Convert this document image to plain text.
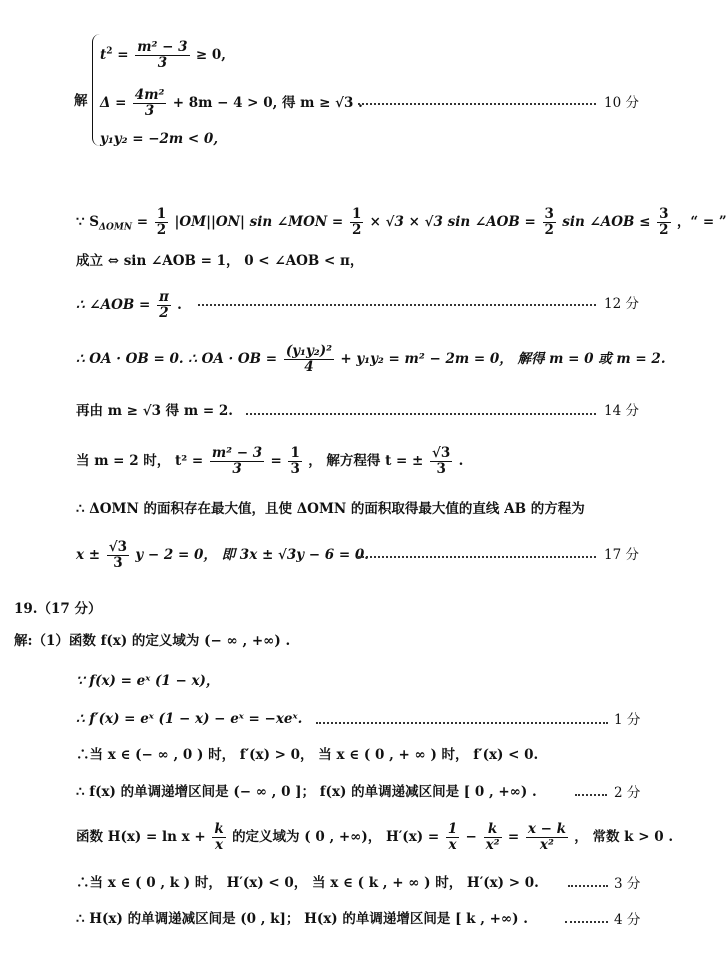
$t^2 = \frac{\text{m² − 3}}{3} \ge 0$,
解 $\Delta = \frac{\text{4m²}}{3} + 8m - 4 > 0$, 得 m ≥ √3 .	10 分
y₁y₂ = −2m < 0,
∵ $S_{\Delta OMN} = \frac{1}{2} |OM||ON|$ sin ∠MON = $\frac{1}{2} \times √3 \times √3$ sin ∠AOB = $\frac{3}{2}$ sin ∠AOB ≤ $\frac{3}{2}$ ，“ = ”
成立 ⇔ sin ∠AOB = 1， 0 < ∠AOB < π，
∴ ∠AOB = $\frac{\pi}{2}$ .	12 分
∴ OA · OB = 0. ∴ OA · OB = $\frac{\text{(y₁y₂)²}}{4} + y_1y_2 = m^2 - 2m = 0$， 解得 m = 0 或 m = 2.
再由 m ≥ √3 得 m = 2.	14 分
当 m = 2 时， $t^2 = \frac{\text{m² − 3}}{3} = \frac{1}{3}$ ， 解方程得 t = ± $\frac{√3}{3}$ .
∴ ΔOMN 的面积存在最大值，且使 ΔOMN 的面积取得最大值的直线 AB 的方程为
$x \pm \frac{√3}{3}$ y − 2 = 0， 即 3x ± √3y − 6 = 0.	17 分
19.（17 分）
解:（1）函数 f(x) 的定义域为 (− ∞ , +∞) .
∵ f(x) = eˣ (1 − x)，
∴ f′(x) = eˣ (1 − x) − eˣ = −xeˣ.	1 分
∴当 x ∈ (− ∞ , 0 ) 时， f′(x) > 0， 当 x ∈ ( 0 , + ∞ ) 时， f′(x) < 0.
∴ f(x) 的单调递增区间是 (− ∞ , 0 ]； f(x) 的单调递减区间是 [ 0 , +∞) .	2 分
函数 $H(x) = \ln x + \frac{k}{x}$ 的定义域为 ( 0 , +∞)， $H'(x) = \frac{1}{x} - \frac{k}{\text{x²}} = \frac{x - k}{\text{x²}}$ ， 常数 k > 0 .
∴当 x ∈ ( 0 , k ) 时， H′(x) < 0， 当 x ∈ ( k , + ∞ ) 时， H′(x) > 0.	3 分
∴ H(x) 的单调递减区间是 (0 , k]； H(x) 的单调递增区间是 [ k , +∞) .	4 分
